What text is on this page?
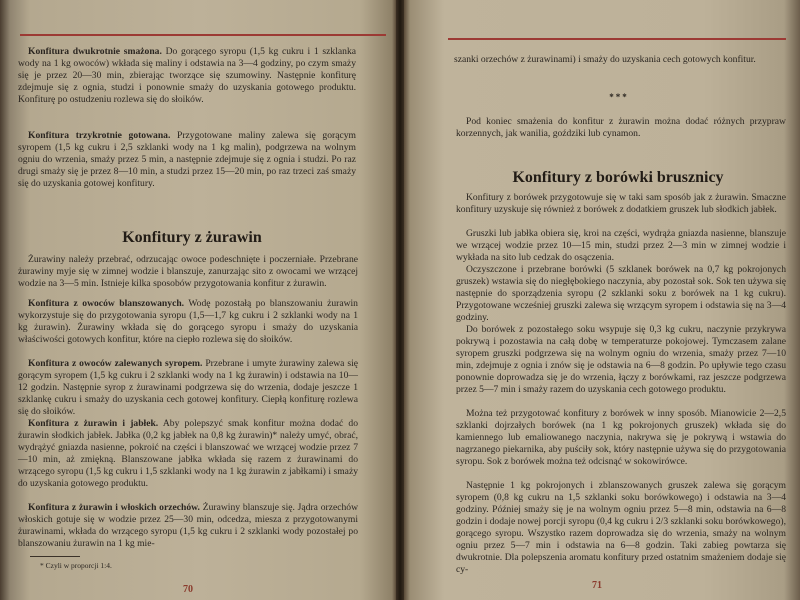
Konfitura dwukrotnie smażona. Do gorącego syropu (1,5 kg cukru i 1 szklanka wody na 1 kg owoców) wkłada się maliny i odstawia na 3—4 godziny, po czym smaży się je przez 20—30 min, zbierając tworzące się szumowiny. Następnie konfiturę zdejmuje się z ognia, studzi i ponownie smaży do uzyskania gotowego produktu. Konfiturę po ostudzeniu rozlewa się do słoików.

Konfitura trzykrotnie gotowana. Przygotowane maliny zalewa się gorącym syropem (1,5 kg cukru i 2,5 szklanki wody na 1 kg malin), podgrzewa na wolnym ogniu do wrzenia, smaży przez 5 min, a następnie zdejmuje się z ognia i studzi. Po raz drugi smaży się je przez 8—10 min, a studzi przez 15—20 min, po raz trzeci zaś smaży się do uzyskania gotowej konfitury.

Konfitury z żurawin

Żurawiny należy przebrać, odrzucając owoce podeschnięte i poczerniałe. Przebrane żurawiny myje się w zimnej wodzie i blanszuje, zanurzając sito z owocami we wrzącej wodzie na 3—5 min. Istnieje kilka sposobów przygotowania konfitur z żurawin.

Konfitura z owoców blanszowanych. Wodę pozostałą po blanszowaniu żurawin wykorzystuje się do przygotowania syropu (1,5—1,7 kg cukru i 2 szklanki wody na 1 kg żurawin). Żurawiny wkłada się do gorącego syropu i smaży do uzyskania właściwości gotowych konfitur, które na ciepło rozlewa się do słoików.

Konfitura z owoców zalewanych syropem. Przebrane i umyte żurawiny zalewa się gorącym syropem (1,5 kg cukru i 2 szklanki wody na 1 kg żurawin) i odstawia na 10—12 godzin. Następnie syrop z żurawinami podgrzewa się do wrzenia, dodaje jeszcze 1 szklankę cukru i smaży do uzyskania cech gotowej konfitury. Ciepłą konfiturę rozlewa się do słoików.

Konfitura z żurawin i jabłek. Aby polepszyć smak konfitur można dodać do żurawin słodkich jabłek. Jabłka (0,2 kg jabłek na 0,8 kg żurawin)* należy umyć, obrać, wydrążyć gniazda nasienne, pokroić na części i blanszować we wrzącej wodzie przez 7—10 min, aż zmiękną. Blanszowane jabłka wkłada się razem z żurawinami do wrzącego syropu (1,5 kg cukru i 1,5 szklanki wody na 1 kg żurawin z jabłkami) i smaży do uzyskania gotowego produktu.

Konfitura z żurawin i włoskich orzechów. Żurawiny blanszuje się. Jądra orzechów włoskich gotuje się w wodzie przez 25—30 min, odcedza, miesza z przygotowanymi żurawinami, wkłada do wrzącego syropu (1,5 kg cukru i 2 szklanki wody pozostałej po blanszowaniu żurawin na 1 kg mie-

* Czyli w proporcji 1:4.

70

szanki orzechów z żurawinami) i smaży do uzyskania cech gotowych konfitur.

***

Pod koniec smażenia do konfitur z żurawin można dodać różnych przypraw korzennych, jak wanilia, goździki lub cynamon.

Konfitury z borówki brusznicy

Konfitury z borówek przygotowuje się w taki sam sposób jak z żurawin. Smaczne konfitury uzyskuje się również z borówek z dodatkiem gruszek lub słodkich jabłek.

Gruszki lub jabłka obiera się, kroi na części, wydrąża gniazda nasienne, blanszuje we wrzącej wodzie przez 10—15 min, studzi przez 2—3 min w zimnej wodzie i wykłada na sito lub cedzak do osączenia.

Oczyszczone i przebrane borówki (5 szklanek borówek na 0,7 kg pokrojonych gruszek) wstawia się do niegłębokiego naczynia, aby pozostał sok. Sok ten używa się następnie do sporządzenia syropu (2 szklanki soku z borówek na 1 kg cukru). Przygotowane wcześniej gruszki zalewa się wrzącym syropem i odstawia się na 3—4 godziny.

Do borówek z pozostałego soku wsypuje się 0,3 kg cukru, naczynie przykrywa pokrywą i pozostawia na całą dobę w temperaturze pokojowej. Tymczasem zalane syropem gruszki podgrzewa się na wolnym ogniu do wrzenia, smaży przez 7—10 min, zdejmuje z ognia i znów się je odstawia na 6—8 godzin. Po upływie tego czasu ponownie doprowadza się je do wrzenia, łączy z borówkami, raz jeszcze podgrzewa przez 5—7 min i smaży razem do uzyskania cech gotowego produktu.

Można też przygotować konfitury z borówek w inny sposób. Mianowicie 2—2,5 szklanki dojrzałych borówek (na 1 kg pokrojonych gruszek) wkłada się do kamiennego lub emaliowanego naczynia, nakrywa się je pokrywą i wstawia do nagrzanego piekarnika, aby puściły sok, który następnie używa się do przygotowania syropu. Sok z borówek można też odcisnąć w sokowirówce.

Następnie 1 kg pokrojonych i zblanszowanych gruszek zalewa się gorącym syropem (0,8 kg cukru na 1,5 szklanki soku borówkowego) i odstawia na 3—4 godziny. Później smaży się je na wolnym ogniu przez 5—8 min, odstawia na 6—8 godzin i dodaje nowej porcji syropu (0,4 kg cukru i 2/3 szklanki soku borówkowego), gorącego syropu. Wszystko razem doprowadza się do wrzenia, smaży na wolnym ogniu przez 5—7 min i odstawia na 6—8 godzin. Taki zabieg powtarza się dwukrotnie. Dla polepszenia aromatu konfitury przed ostatnim smażeniem dodaje się cy-

71
